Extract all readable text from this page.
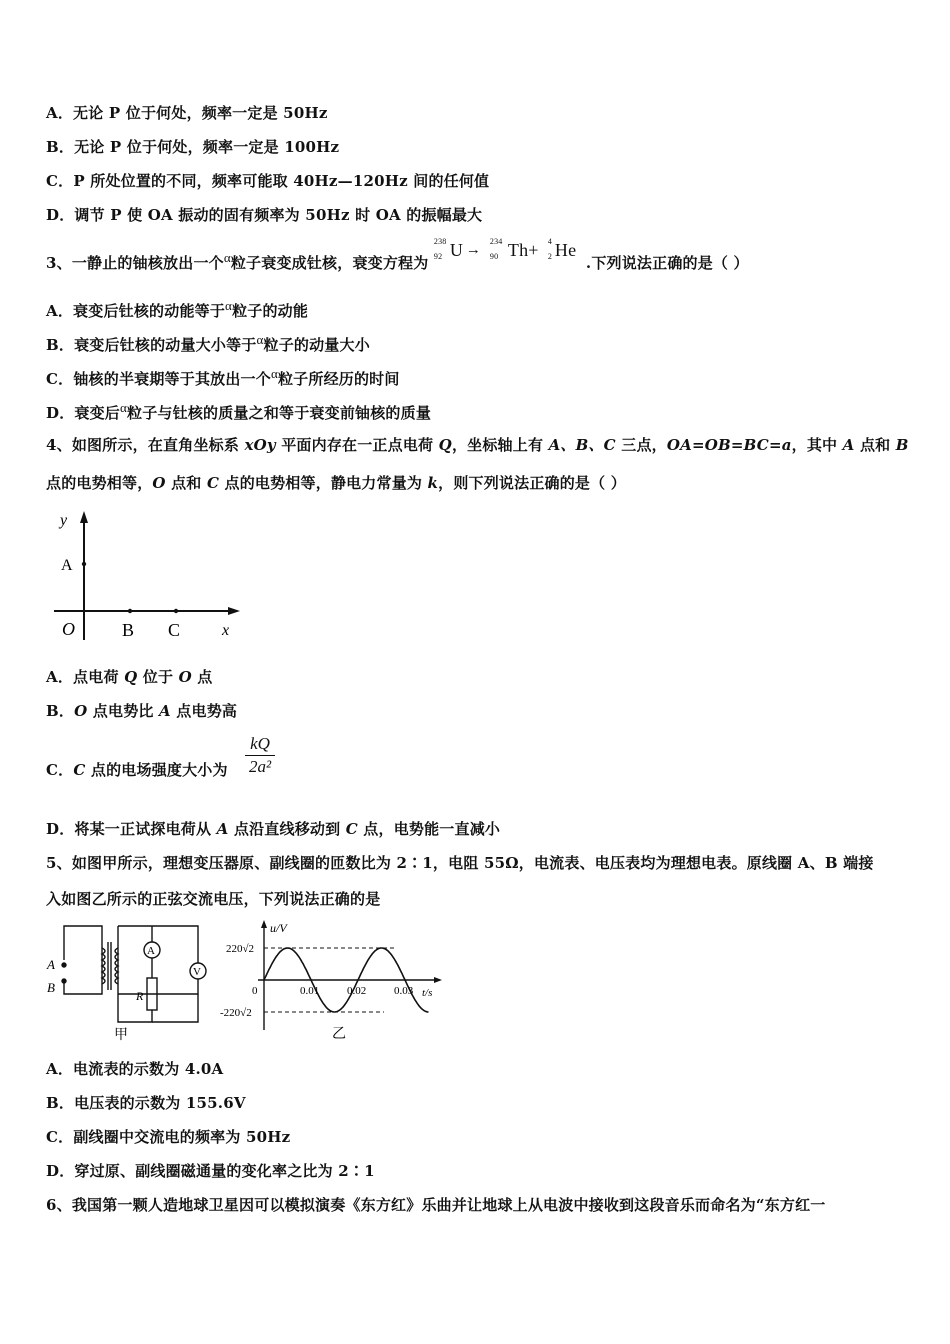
A．无论 P 位于何处，频率一定是 50Hz
B．无论 P 位于何处，频率一定是 100Hz
C．P 所处位置的不同，频率可能取 40Hz—120Hz 间的任何值
D．调节 P 使 OA 振动的固有频率为 50Hz 时 OA 的振幅最大
3、一静止的铀核放出一个α粒子衰变成钍核，衰变方程为
238
92 U →
234
90 Th+ 4
2 He
.下列说法正确的是（ ）
A．衰变后钍核的动能等于α粒子的动能
B．衰变后钍核的动量大小等于α粒子的动量大小
C．铀核的半衰期等于其放出一个α粒子所经历的时间
D．衰变后α粒子与钍核的质量之和等于衰变前铀核的质量
4、如图所示，在直角坐标系 xOy 平面内存在一正点电荷 Q，坐标轴上有 A、B、C 三点，OA=OB=BC=a，其中 A 点和 B
点的电势相等，O 点和 C 点的电势相等，静电力常量为 k，则下列说法正确的是（ ）
y
A
O	B C	x
A．点电荷 Q 位于 O 点
B．O 点电势比 A 点电势高
C．C 点的电场强度大小为
kQ
2a²
D．将某一正试探电荷从 A 点沿直线移动到 C 点，电势能一直减小
5、如图甲所示，理想变压器原、副线圈的匝数比为 2∶1，电阻 55Ω，电流表、电压表均为理想电表。原线圈 A、B 端接
入如图乙所示的正弦交流电压，下列说法正确的是
A
V
R
A
B
甲
u/V
220√2
-220√2
0	0.01	0.02	0.03 t/s
乙
A．电流表的示数为 4.0A
B．电压表的示数为 155.6V
C．副线圈中交流电的频率为 50Hz
D．穿过原、副线圈磁通量的变化率之比为 2∶1
6、我国第一颗人造地球卫星因可以模拟演奏《东方红》乐曲并让地球上从电波中接收到这段音乐而命名为“东方红一
